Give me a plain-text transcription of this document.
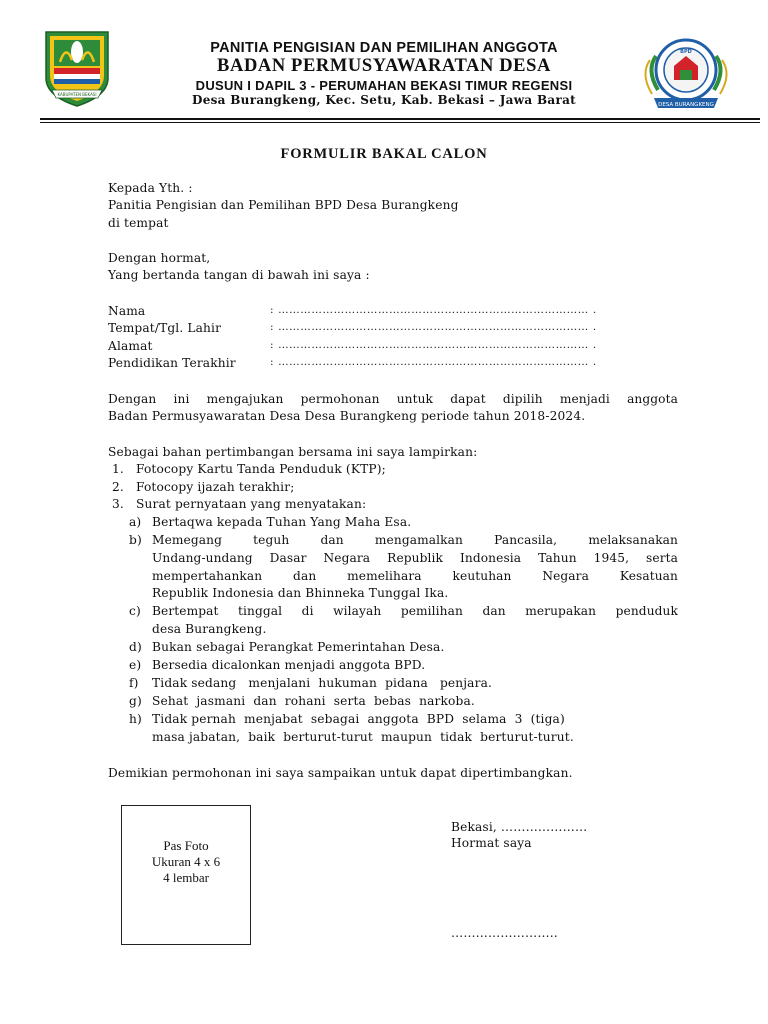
KABUPATEN BEKASI
BPD
DESA BURANGKENG
PANITIA PENGISIAN DAN PEMILIHAN ANGGOTA
BADAN PERMUSYAWARATAN DESA
DUSUN I DAPIL 3 - PERUMAHAN BEKASI TIMUR REGENSI
Desa Burangkeng, Kec. Setu, Kab. Bekasi – Jawa Barat
FORMULIR BAKAL CALON
Kepada Yth. :
Panitia Pengisian dan Pemilihan BPD Desa Burangkeng
di tempat
Dengan hormat,
Yang bertanda tangan di bawah ini saya :
Nama	: ………………………………………………………………………… .
Tempat/Tgl. Lahir	: ………………………………………………………………………… .
Alamat	: ………………………………………………………………………… .
Pendidikan Terakhir	: ………………………………………………………………………… .
Dengan ini mengajukan permohonan untuk dapat dipilih menjadi anggota
Badan Permusyawaratan Desa Desa Burangkeng periode tahun 2018-2024.
Sebagai bahan pertimbangan bersama ini saya lampirkan:
1. Fotocopy Kartu Tanda Penduduk (KTP);
2. Fotocopy ijazah terakhir;
3. Surat pernyataan yang menyatakan:
a) Bertaqwa kepada Tuhan Yang Maha Esa.
b) Memegang teguh dan mengamalkan Pancasila, melaksanakan
Undang-undang Dasar Negara Republik Indonesia Tahun 1945, serta
mempertahankan dan memelihara keutuhan Negara Kesatuan
Republik Indonesia dan Bhinneka Tunggal Ika.
c) Bertempat tinggal di wilayah pemilihan dan merupakan penduduk
desa Burangkeng.
d) Bukan sebagai Perangkat Pemerintahan Desa.
e) Bersedia dicalonkan menjadi anggota BPD.
f) Tidak sedang   menjalani  hukuman  pidana   penjara.
g) Sehat  jasmani  dan  rohani  serta  bebas  narkoba.
h) Tidak pernah  menjabat  sebagai  anggota  BPD  selama  3  (tiga)
masa jabatan,  baik  berturut-turut  maupun  tidak  berturut-turut.
Demikian permohonan ini saya sampaikan untuk dapat dipertimbangkan.
Pas Foto
Ukuran 4 x 6
4 lembar
Bekasi, …………………
Hormat saya
……………………..
